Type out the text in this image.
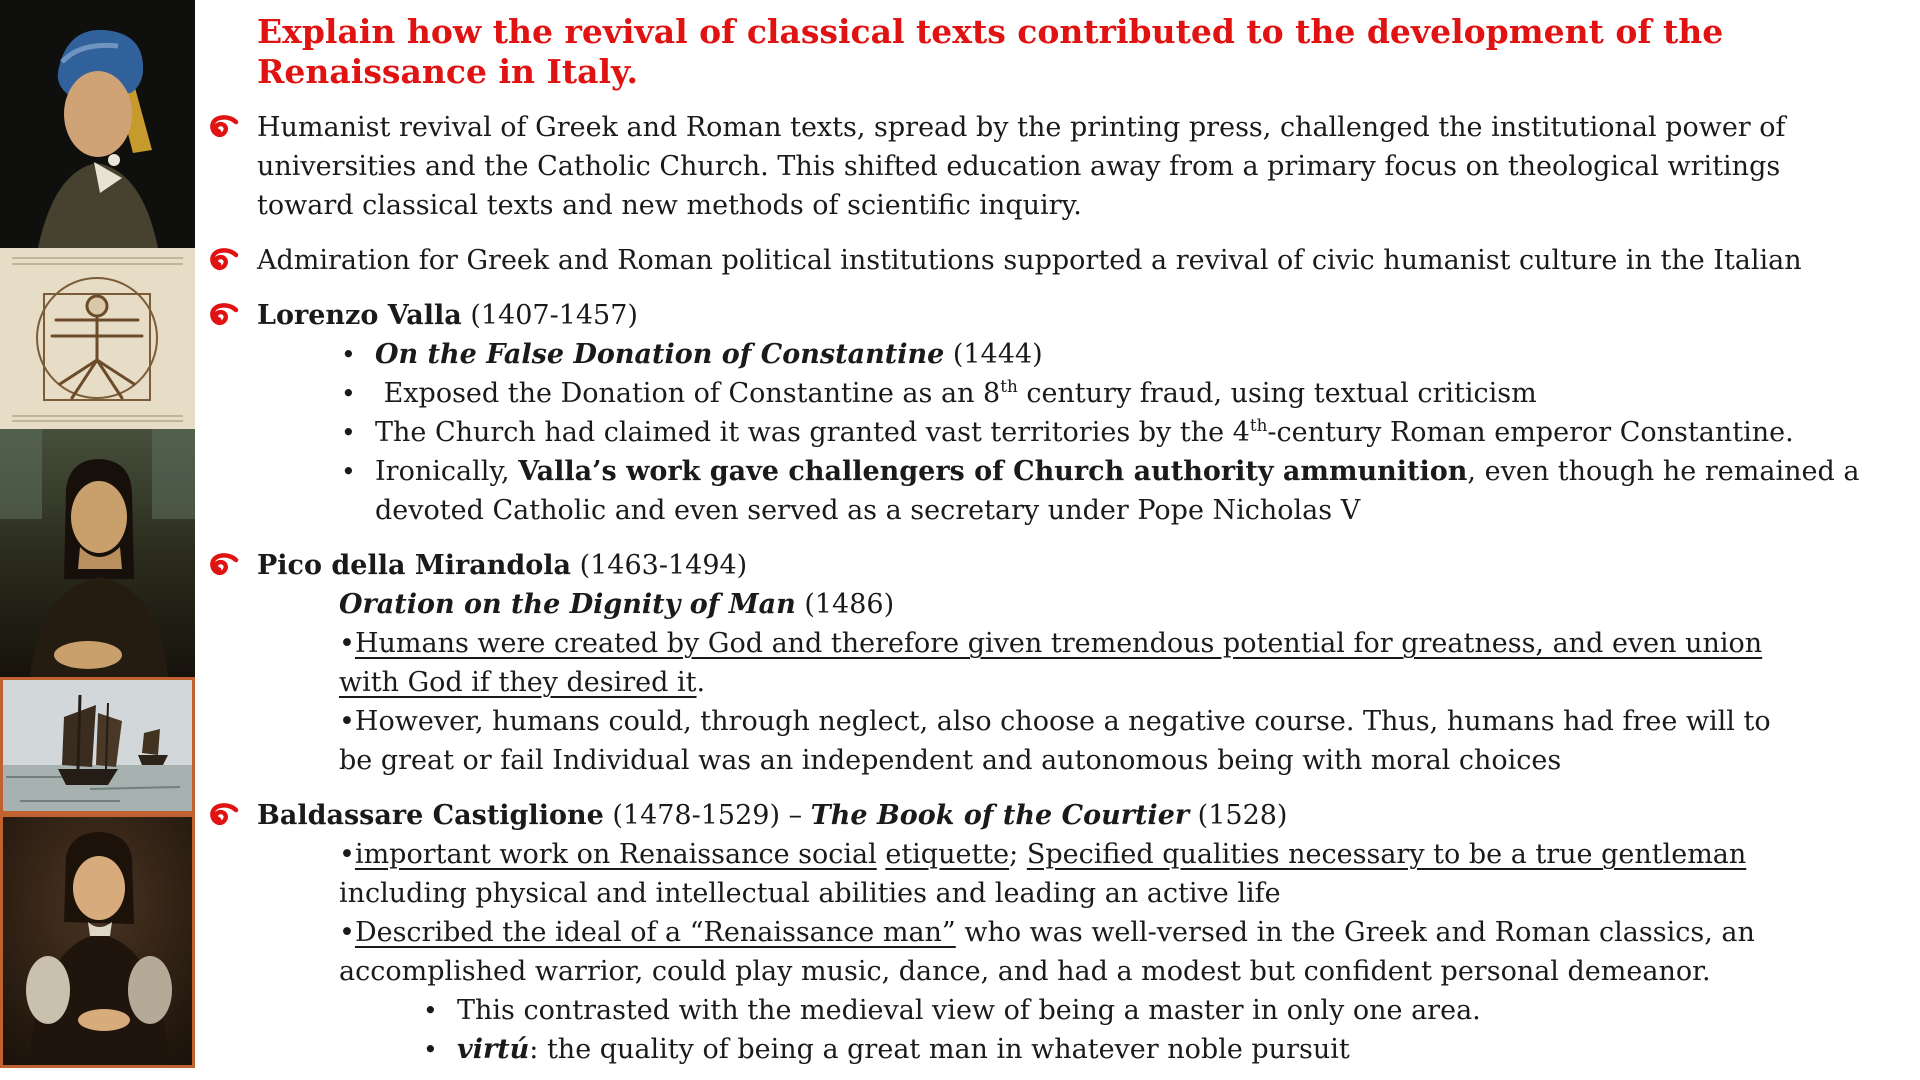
Explain how the revival of classical texts contributed to the development of the Renaissance in Italy.
Humanist revival of Greek and Roman texts, spread by the printing press, challenged the institutional power of
universities and the Catholic Church. This shifted education away from a primary focus on theological writings
toward classical texts and new methods of scientific inquiry.
Admiration for Greek and Roman political institutions supported a revival of civic humanist culture in the Italian
Lorenzo Valla (1407-1457)
• On the False Donation of Constantine (1444)
• Exposed the Donation of Constantine as an 8th century fraud, using textual criticism
• The Church had claimed it was granted vast territories by the 4th-century Roman emperor Constantine.
• Ironically, Valla’s work gave challengers of Church authority ammunition, even though he remained a
devoted Catholic and even served as a secretary under Pope Nicholas V
Pico della Mirandola (1463-1494)
Oration on the Dignity of Man (1486)
•Humans were created by God and therefore given tremendous potential for greatness, and even union
with God if they desired it.
•However, humans could, through neglect, also choose a negative course. Thus, humans had free will to
be great or fail Individual was an independent and autonomous being with moral choices
Baldassare Castiglione (1478-1529) – The Book of the Courtier (1528)
•important work on Renaissance social etiquette; Specified qualities necessary to be a true gentleman
including physical and intellectual abilities and leading an active life
•Described the ideal of a “Renaissance man” who was well-versed in the Greek and Roman classics, an
accomplished warrior, could play music, dance, and had a modest but confident personal demeanor.
• This contrasted with the medieval view of being a master in only one area.
• virtú: the quality of being a great man in whatever noble pursuit
